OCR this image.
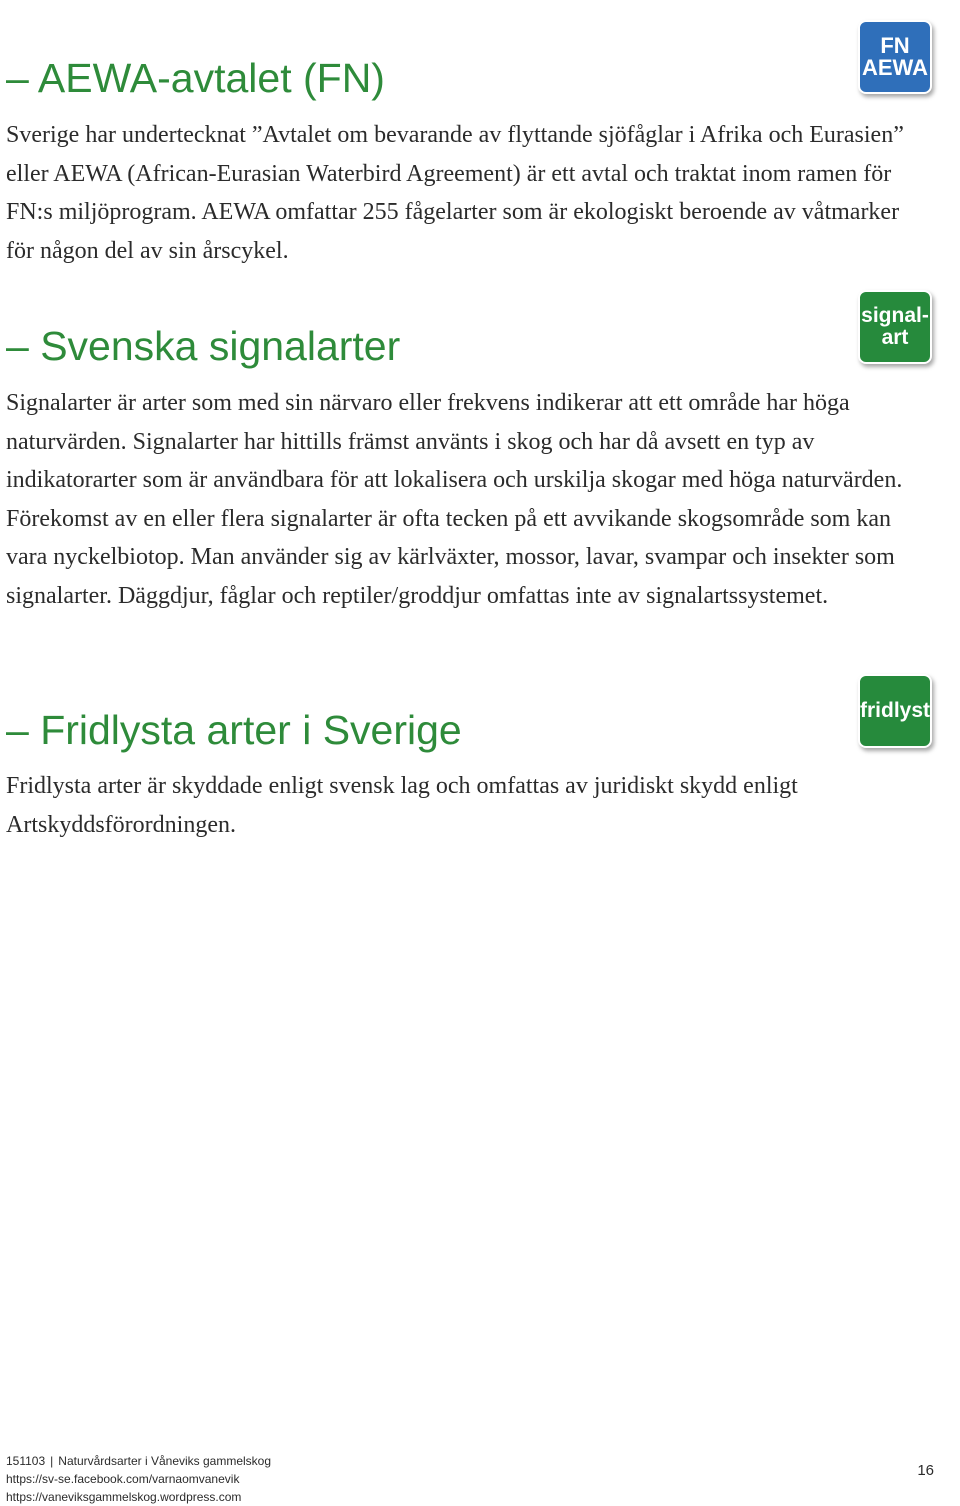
– AEWA-avtalet (FN)
FN
AEWA

Sverige har undertecknat ”Avtalet om bevarande av flyttande sjöfåglar i Afrika och Eurasien” eller AEWA (African-Eurasian Waterbird Agreement) är ett avtal och traktat inom ramen för FN:s miljöprogram. AEWA omfattar 255 fågelarter som är ekologiskt beroende av våtmarker för någon del av sin årscykel.

– Svenska signalarter
signal-
art

Signalarter är arter som med sin närvaro eller frekvens indikerar att ett område har höga naturvärden. Signalarter har hittills främst använts i skog och har då avsett en typ av indikatorarter som är användbara för att lokalisera och urskilja skogar med höga naturvärden. Förekomst av en eller flera signalarter är ofta tecken på ett avvikande skogsområde som kan vara nyckelbiotop. Man använder sig av kärlväxter, mossor, lavar, svampar och insekter som signalarter. Däggdjur, fåglar och reptiler/groddjur omfattas inte av signalartssystemet.

– Fridlysta arter i Sverige	fridlyst

Fridlysta arter är skyddade enligt svensk lag och omfattas av juridiskt skydd enligt Artskyddsförordningen.

151103 | Naturvårdsarter i Våneviks gammelskog
https://sv-se.facebook.com/varnaomvanevik
https://vaneviksgammelskog.wordpress.com
16
